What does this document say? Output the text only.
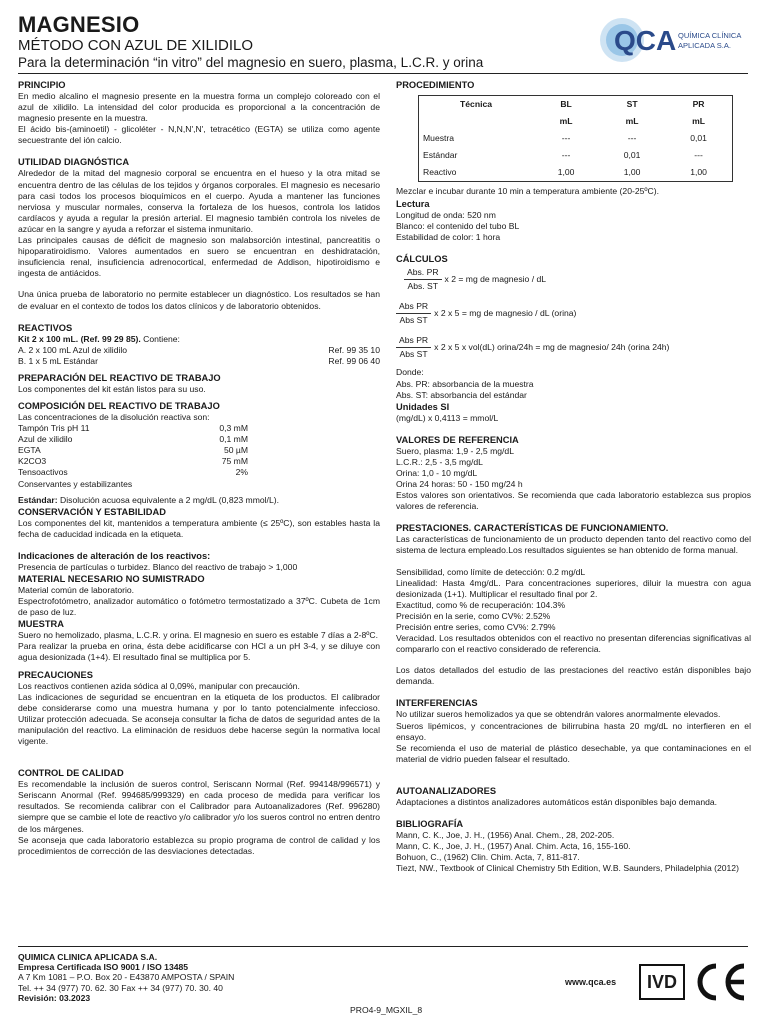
MAGNESIO
MÉTODO CON AZUL DE XILIDILO
Para la determinación “in vitro” del magnesio en suero, plasma, L.C.R. y orina
QCA QUÍMICA CLÍNICA
APLICADA S.A.
PRINCIPIO

En medio alcalino el magnesio presente en la muestra forma un complejo coloreado con el azul de xilidilo. La intensidad del color producida es proporcional a la concentración de magnesio presente en la muestra.

El ácido bis-(aminoetil) - glicoléter - N,N,N',N', tetracético (EGTA) se utiliza como agente secuestrante del ión calcio.

UTILIDAD DIAGNÓSTICA

Alrededor de la mitad del magnesio corporal se encuentra en el hueso y la otra mitad se encuentra dentro de las células de los tejidos y órganos corporales. El magnesio es necesario para casi todos los procesos bioquímicos en el cuerpo. Ayuda a mantener las funciones nerviosa y muscular normales, conserva la fortaleza de los huesos, controla los latidos cardíacos y ayuda a regular la presión arterial. El magnesio también controla los niveles de azúcar en la sangre y ayuda a reforzar el sistema inmunitario.

Las principales causas de déficit de magnesio son malabsorción intestinal, pancreatitis o hipoparatiroidismo. Valores aumentados en suero se encuentran en deshidratación, insuficiencia renal, insuficiencia adrenocortical, enfermedad de Addison, hipotiroidismo e ingesta de antiácidos.

Una única prueba de laboratorio no permite establecer un diagnóstico. Los resultados se han de evaluar en el contexto de todos los datos clínicos y de laboratorio obtenidos.

REACTIVOS
Kit 2 x 100 mL. (Ref. 99 29 85). Contiene:
A. 2 x 100 mL Azul de xilidilo	Ref. 99 35 10
B. 1 x 5 mL Estándar	Ref. 99 06 40
PREPARACIÓN DEL REACTIVO DE TRABAJO

Los componentes del kit están listos para su uso.

COMPOSICIÓN DEL REACTIVO DE TRABAJO
Las concentraciones de la disolución reactiva son:
Tampón Tris pH 11	0,3 mM
Azul de xilidilo	0,1 mM
EGTA	50 µM
K2CO3	75 mM
Tensoactivos	2%
Conservantes y estabilizantes
Estándar: Disolución acuosa equivalente a 2 mg/dL (0,823 mmol/L).
CONSERVACIÓN Y ESTABILIDAD

Los componentes del kit, mantenidos a temperatura ambiente (≤ 25ºC), son estables hasta la fecha de caducidad indicada en la etiqueta.

Indicaciones de alteración de los reactivos:

Presencia de partículas o turbidez. Blanco del reactivo de trabajo > 1,000

MATERIAL NECESARIO NO SUMISTRADO

Material común de laboratorio.

Espectrofotómetro, analizador automático o fotómetro termostatizado a 37ºC. Cubeta de 1cm de paso de luz.

MUESTRA

Suero no hemolizado, plasma, L.C.R. y orina. El magnesio en suero es estable 7 días a 2-8ºC.

Para realizar la prueba en orina, ésta debe acidificarse con HCl a un pH 3-4, y se diluye con agua desionizada (1+4). El resultado final se multiplica por 5.

PRECAUCIONES

Los reactivos contienen azida sódica al 0,09%, manipular con precaución.

Las indicaciones de seguridad se encuentran en la etiqueta de los productos. El calibrador debe considerarse como una muestra humana y por lo tanto potencialmente infeccioso. Utilizar protección adecuada. Se aconseja consultar la ficha de datos de seguridad antes de la manipulación del reactivo. La eliminación de residuos debe hacerse según la normativa local vigente.

CONTROL DE CALIDAD

Es recomendable la inclusión de sueros control, Seriscann Normal (Ref. 994148/996571) y Seriscann Anormal (Ref. 994685/999329) en cada proceso de medida para verificar los resultados. Se recomienda calibrar con el Calibrador para Autoanalizadores (Ref. 996280) siempre que se cambie el lote de reactivo y/o calibrador y/o los sueros control no entren dentro de los márgenes.

Se aconseja que cada laboratorio establezca su propio programa de control de calidad y los procedimientos de corrección de las desviaciones detectadas.

PROCEDIMIENTO
Técnica	BL	ST	PR
	mL	mL	mL
Muestra	---	---	0,01
Estándar	---	0,01	---
Reactivo	1,00	1,00	1,00
Mezclar e incubar durante 10 min a temperatura ambiente (20-25ºC).
Lectura
Longitud de onda: 520 nm
Blanco: el contenido del tubo BL
Estabilidad de color: 1 hora
CÁLCULOS
$\frac{\text{Abs. PR}}{\text{Abs. ST}}$ x 2 = mg de magnesio / dL
$\frac{\text{Abs PR}}{\text{Abs ST}}$ x 2 x 5 = mg de magnesio / dL (orina)
$\frac{\text{Abs PR}}{\text{Abs ST}}$ x 2 x 5 x vol(dL) orina/24h = mg de magnesio/ 24h (orina 24h)
Donde:
Abs. PR: absorbancia de la muestra
Abs. ST: absorbancia del estándar
Unidades SI
(mg/dL) x 0,4113 = mmol/L
VALORES DE REFERENCIA
Suero, plasma: 1,9 - 2,5 mg/dL
L.C.R.: 2,5 - 3,5 mg/dL
Orina: 1,0 - 10 mg/dL
Orina 24 horas: 50 - 150 mg/24 h

Estos valores son orientativos. Se recomienda que cada laboratorio establezca sus propios valores de referencia.

PRESTACIONES. CARACTERÍSTICAS DE FUNCIONAMIENTO.

Las características de funcionamiento de un producto dependen tanto del reactivo como del sistema de lectura empleado.Los resultados siguientes se han obtenido de forma manual.

Sensibilidad, como límite de detección: 0.2 mg/dL

Linealidad: Hasta 4mg/dL. Para concentraciones superiores, diluir la muestra con agua desionizada (1+1). Multiplicar el resultado final por 2.

Exactitud, como % de recuperación: 104.3%
Precisión en la serie, como CV%: 2.52%
Precisión entre series, como CV%: 2.79%

Veracidad. Los resultados obtenidos con el reactivo no presentan diferencias significativas al compararlo con el reactivo considerado de referencia.

Los datos detallados del estudio de las prestaciones del reactivo están disponibles bajo demanda.

INTERFERENCIAS

No utilizar sueros hemolizados ya que se obtendrán valores anormalmente elevados.

Sueros lipémicos, y concentraciones de bilirrubina hasta 20 mg/dL no interfieren en el ensayo.

Se recomienda el uso de material de plástico desechable, ya que contaminaciones en el material de vidrio pueden falsear el resultado.

AUTOANALIZADORES
Adaptaciones a distintos analizadores automáticos están disponibles bajo demanda.
BIBLIOGRAFÍA
Mann, C. K., Joe, J. H., (1956) Anal. Chem., 28, 202-205.
Mann, C. K., Joe, J. H., (1957) Anal. Chim. Acta, 16, 155-160.
Bohuon, C., (1962) Clin. Chim. Acta, 7, 811-817.
Tiezt, NW., Textbook of Clinical Chemistry 5th Edition, W.B. Saunders, Philadelphia (2012)
QUIMICA CLINICA APLICADA S.A.
Empresa Certificada ISO 9001 / ISO 13485
A 7 Km 1081 – P.O. Box 20 - E43870 AMPOSTA / SPAIN
Tel. ++ 34 (977) 70. 62. 30 Fax ++ 34 (977) 70. 30. 40
Revisión: 03.2023
www.qca.es
PRO4-9_MGXIL_8
IVD
